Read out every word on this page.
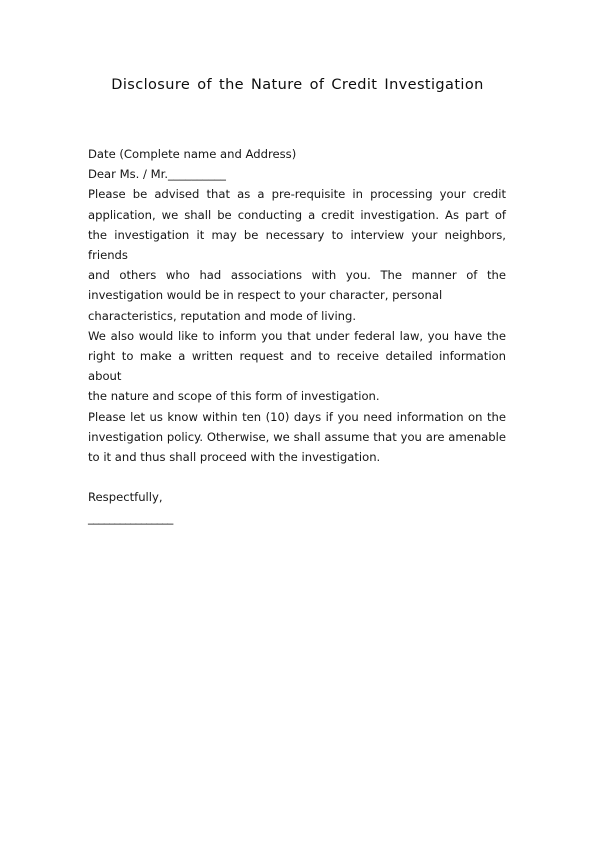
Disclosure of the Nature of Credit Investigation
Date (Complete name and Address)
Dear Ms. / Mr.__________
Please be advised that as a pre-requisite in processing your credit
application, we shall be conducting a credit investigation. As part of
the investigation it may be necessary to interview your neighbors, friends
and others who had associations with you. The manner of the
investigation would be in respect to your character, personal
characteristics, reputation and mode of living.
We also would like to inform you that under federal law, you have the
right to make a written request and to receive detailed information about
the nature and scope of this form of investigation.
Please let us know within ten (10) days if you need information on the
investigation policy. Otherwise, we shall assume that you are amenable
to it and thus shall proceed with the investigation.
Respectfully,
________________
